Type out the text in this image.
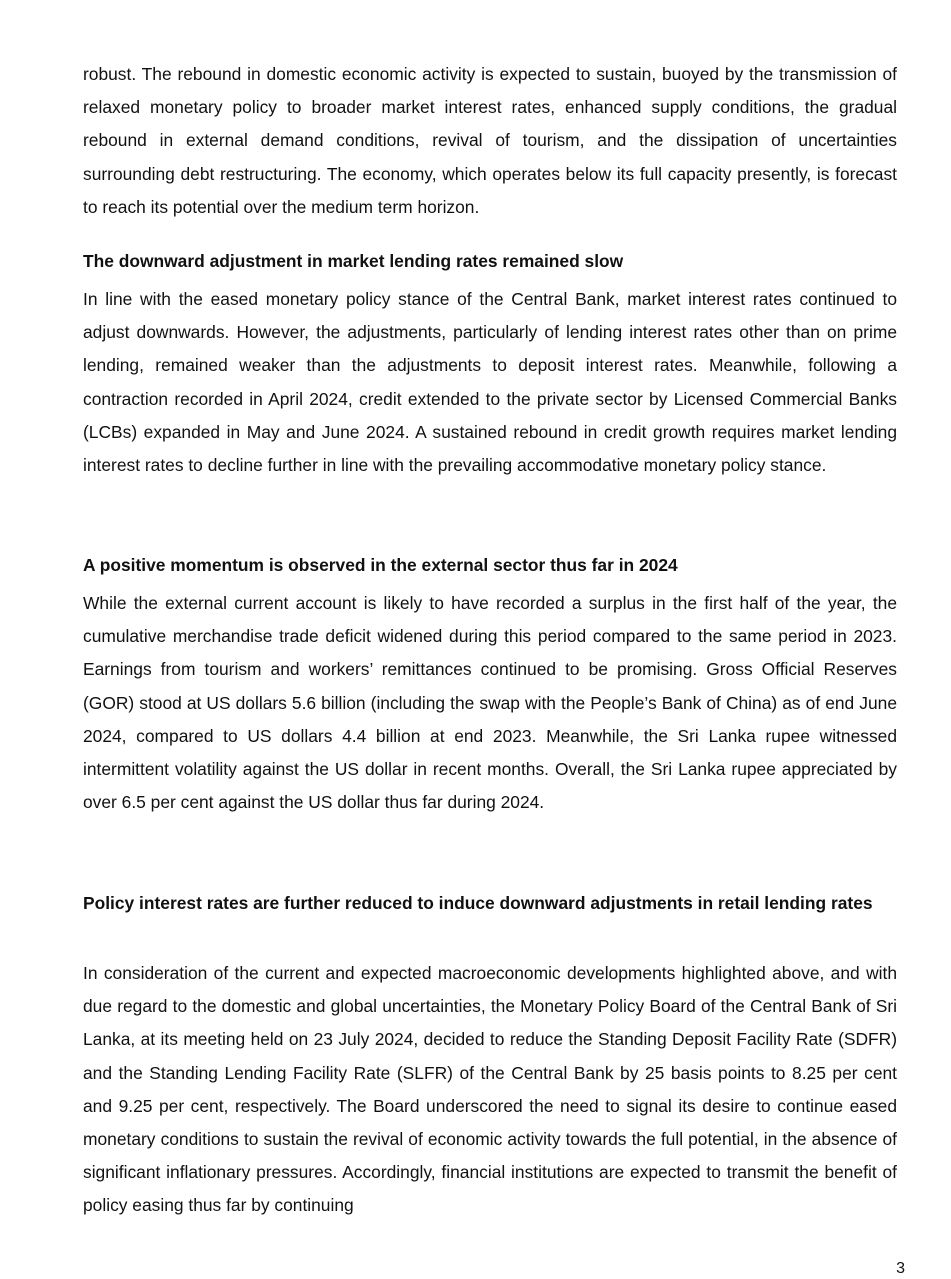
robust. The rebound in domestic economic activity is expected to sustain, buoyed by the transmission of relaxed monetary policy to broader market interest rates, enhanced supply conditions, the gradual rebound in external demand conditions, revival of tourism, and the dissipation of uncertainties surrounding debt restructuring. The economy, which operates below its full capacity presently, is forecast to reach its potential over the medium term horizon.

The downward adjustment in market lending rates remained slow

In line with the eased monetary policy stance of the Central Bank, market interest rates continued to adjust downwards. However, the adjustments, particularly of lending interest rates other than on prime lending, remained weaker than the adjustments to deposit interest rates. Meanwhile, following a contraction recorded in April 2024, credit extended to the private sector by Licensed Commercial Banks (LCBs) expanded in May and June 2024. A sustained rebound in credit growth requires market lending interest rates to decline further in line with the prevailing accommodative monetary policy stance.

A positive momentum is observed in the external sector thus far in 2024

While the external current account is likely to have recorded a surplus in the first half of the year, the cumulative merchandise trade deficit widened during this period compared to the same period in 2023. Earnings from tourism and workers’ remittances continued to be promising. Gross Official Reserves (GOR) stood at US dollars 5.6 billion (including the swap with the People’s Bank of China) as of end June 2024, compared to US dollars 4.4 billion at end 2023. Meanwhile, the Sri Lanka rupee witnessed intermittent volatility against the US dollar in recent months. Overall, the Sri Lanka rupee appreciated by over 6.5 per cent against the US dollar thus far during 2024.

Policy interest rates are further reduced to induce downward adjustments in retail lending rates

In consideration of the current and expected macroeconomic developments highlighted above, and with due regard to the domestic and global uncertainties, the Monetary Policy Board of the Central Bank of Sri Lanka, at its meeting held on 23 July 2024, decided to reduce the Standing Deposit Facility Rate (SDFR) and the Standing Lending Facility Rate (SLFR) of the Central Bank by 25 basis points to 8.25 per cent and 9.25 per cent, respectively. The Board underscored the need to signal its desire to continue eased monetary conditions to sustain the revival of economic activity towards the full potential, in the absence of significant inflationary pressures. Accordingly, financial institutions are expected to transmit the benefit of policy easing thus far by continuing

3
